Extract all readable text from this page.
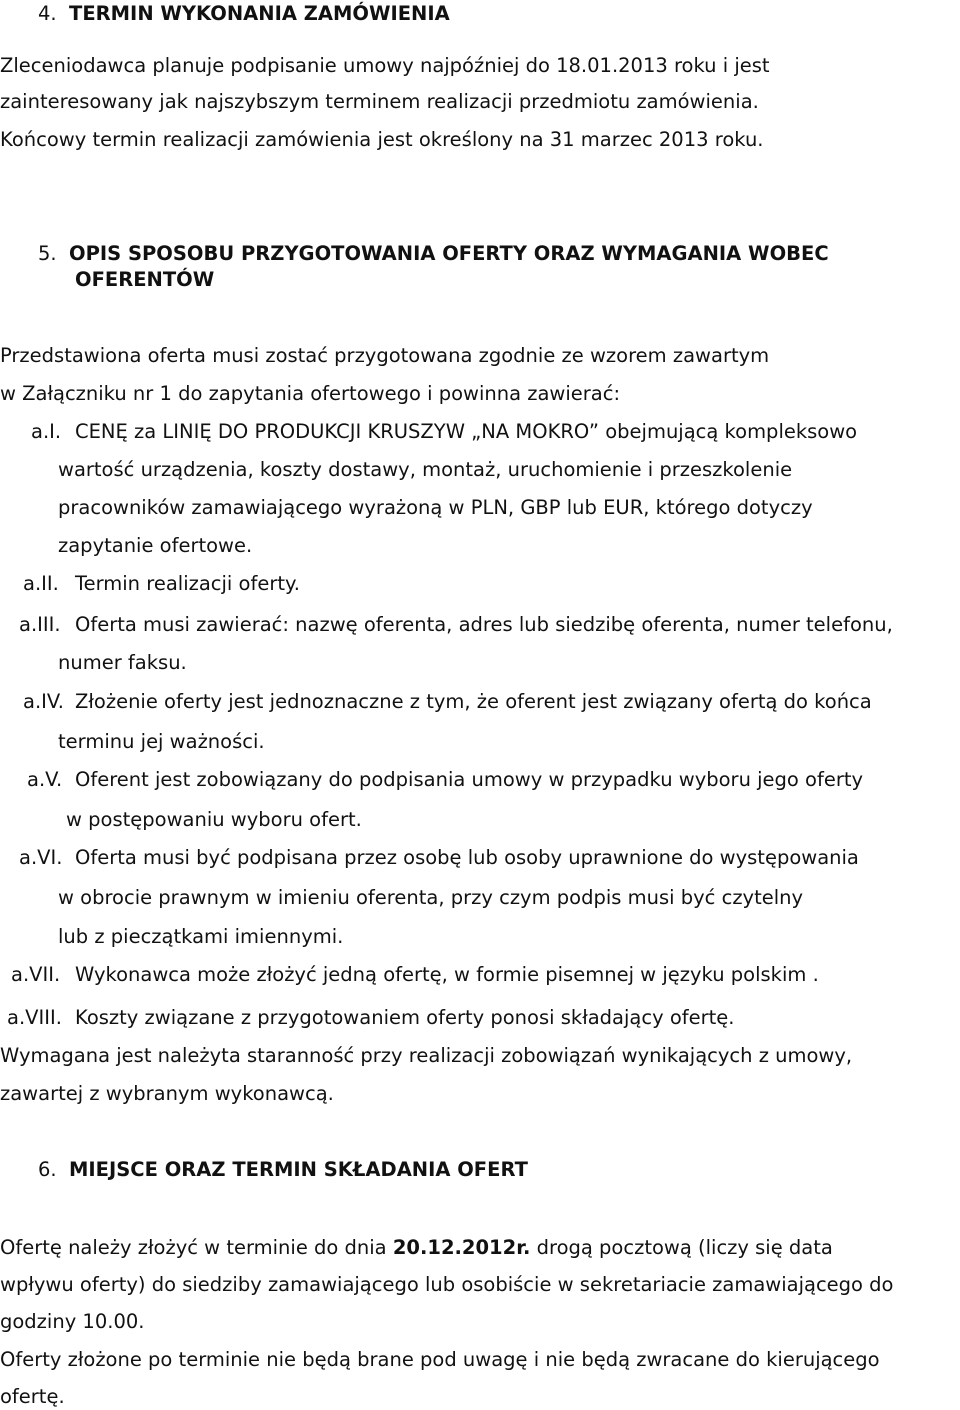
4. TERMIN WYKONANIA ZAMÓWIENIA
Zleceniodawca planuje podpisanie umowy najpóźniej do 18.01.2013 roku i jest
zainteresowany jak najszybszym terminem realizacji przedmiotu zamówienia.
Końcowy termin realizacji zamówienia jest określony na 31 marzec 2013 roku.
5. OPIS SPOSOBU PRZYGOTOWANIA OFERTY ORAZ WYMAGANIA WOBEC
OFERENTÓW
Przedstawiona oferta musi zostać przygotowana zgodnie ze wzorem zawartym
w Załączniku nr 1 do zapytania ofertowego i powinna zawierać:
a.I. CENĘ za LINIĘ DO PRODUKCJI KRUSZYW „NA MOKRO” obejmującą kompleksowo
wartość urządzenia, koszty dostawy, montaż, uruchomienie i przeszkolenie
pracowników zamawiającego wyrażoną w PLN, GBP lub EUR, którego dotyczy
zapytanie ofertowe.
a.II. Termin realizacji oferty.
a.III. Oferta musi zawierać: nazwę oferenta, adres lub siedzibę oferenta, numer telefonu,
numer faksu.
a.IV. Złożenie oferty jest jednoznaczne z tym, że oferent jest związany ofertą do końca
terminu jej ważności.
a.V. Oferent jest zobowiązany do podpisania umowy w przypadku wyboru jego oferty
w postępowaniu wyboru ofert.
a.VI. Oferta musi być podpisana przez osobę lub osoby uprawnione do występowania
w obrocie prawnym w imieniu oferenta, przy czym podpis musi być czytelny
lub z pieczątkami imiennymi.
a.VII. Wykonawca może złożyć jedną ofertę, w formie pisemnej w języku polskim .
a.VIII. Koszty związane z przygotowaniem oferty ponosi składający ofertę.
Wymagana jest należyta staranność przy realizacji zobowiązań wynikających z umowy,
zawartej z wybranym wykonawcą.
6. MIEJSCE ORAZ TERMIN SKŁADANIA OFERT
Ofertę należy złożyć w terminie do dnia 20.12.2012r. drogą pocztową (liczy się data
wpływu oferty) do siedziby zamawiającego lub osobiście w sekretariacie zamawiającego do
godziny 10.00.
Oferty złożone po terminie nie będą brane pod uwagę i nie będą zwracane do kierującego
ofertę.
